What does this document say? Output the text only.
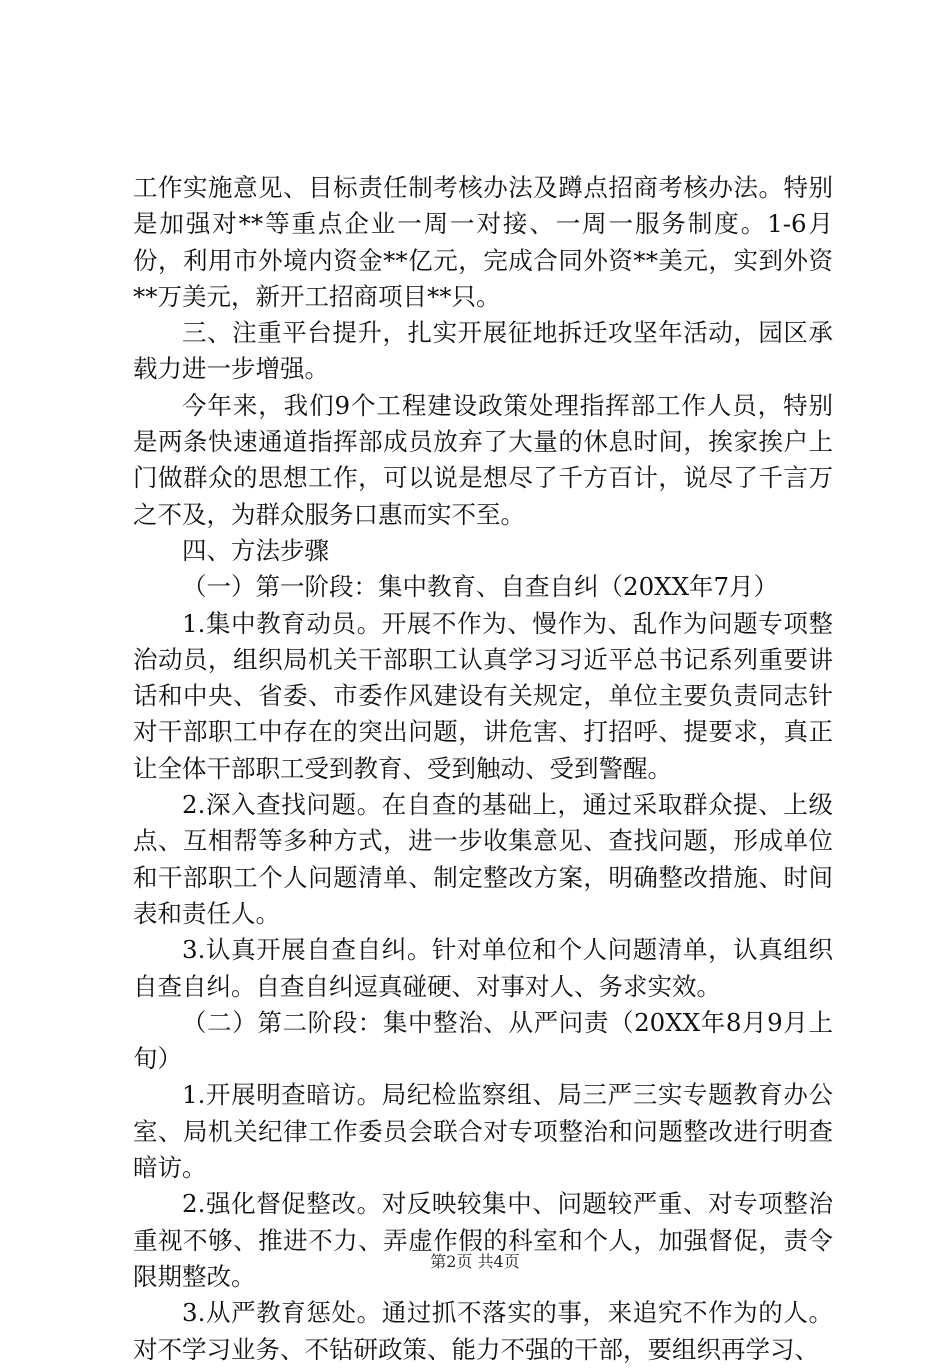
工作实施意见、目标责任制考核办法及蹲点招商考核办法。特别是加强对**等重点企业一周一对接、一周一服务制度。1-6月份，利用市外境内资金**亿元，完成合同外资**美元，实到外资**万美元，新开工招商项目**只。

三、注重平台提升，扎实开展征地拆迁攻坚年活动，园区承载力进一步增强。

今年来，我们9个工程建设政策处理指挥部工作人员，特别是两条快速通道指挥部成员放弃了大量的休息时间，挨家挨户上门做群众的思想工作，可以说是想尽了千方百计，说尽了千言万之不及，为群众服务口惠而实不至。

四、方法步骤

（一）第一阶段：集中教育、自查自纠（20XX年7月）

1.集中教育动员。开展不作为、慢作为、乱作为问题专项整治动员，组织局机关干部职工认真学习习近平总书记系列重要讲话和中央、省委、市委作风建设有关规定，单位主要负责同志针对干部职工中存在的突出问题，讲危害、打招呼、提要求，真正让全体干部职工受到教育、受到触动、受到警醒。

2.深入查找问题。在自查的基础上，通过采取群众提、上级点、互相帮等多种方式，进一步收集意见、查找问题，形成单位和干部职工个人问题清单、制定整改方案，明确整改措施、时间表和责任人。

3.认真开展自查自纠。针对单位和个人问题清单，认真组织自查自纠。自查自纠逗真碰硬、对事对人、务求实效。

（二）第二阶段：集中整治、从严问责（20XX年8月9月上旬）

1.开展明查暗访。局纪检监察组、局三严三实专题教育办公室、局机关纪律工作委员会联合对专项整治和问题整改进行明查暗访。

2.强化督促整改。对反映较集中、问题较严重、对专项整治重视不够、推进不力、弄虚作假的科室和个人，加强督促，责令限期整改。

3.从严教育惩处。通过抓不落实的事，来追究不作为的人。对不学习业务、不钻研政策、能力不强的干部，要组织再学习、

第2页 共4页
